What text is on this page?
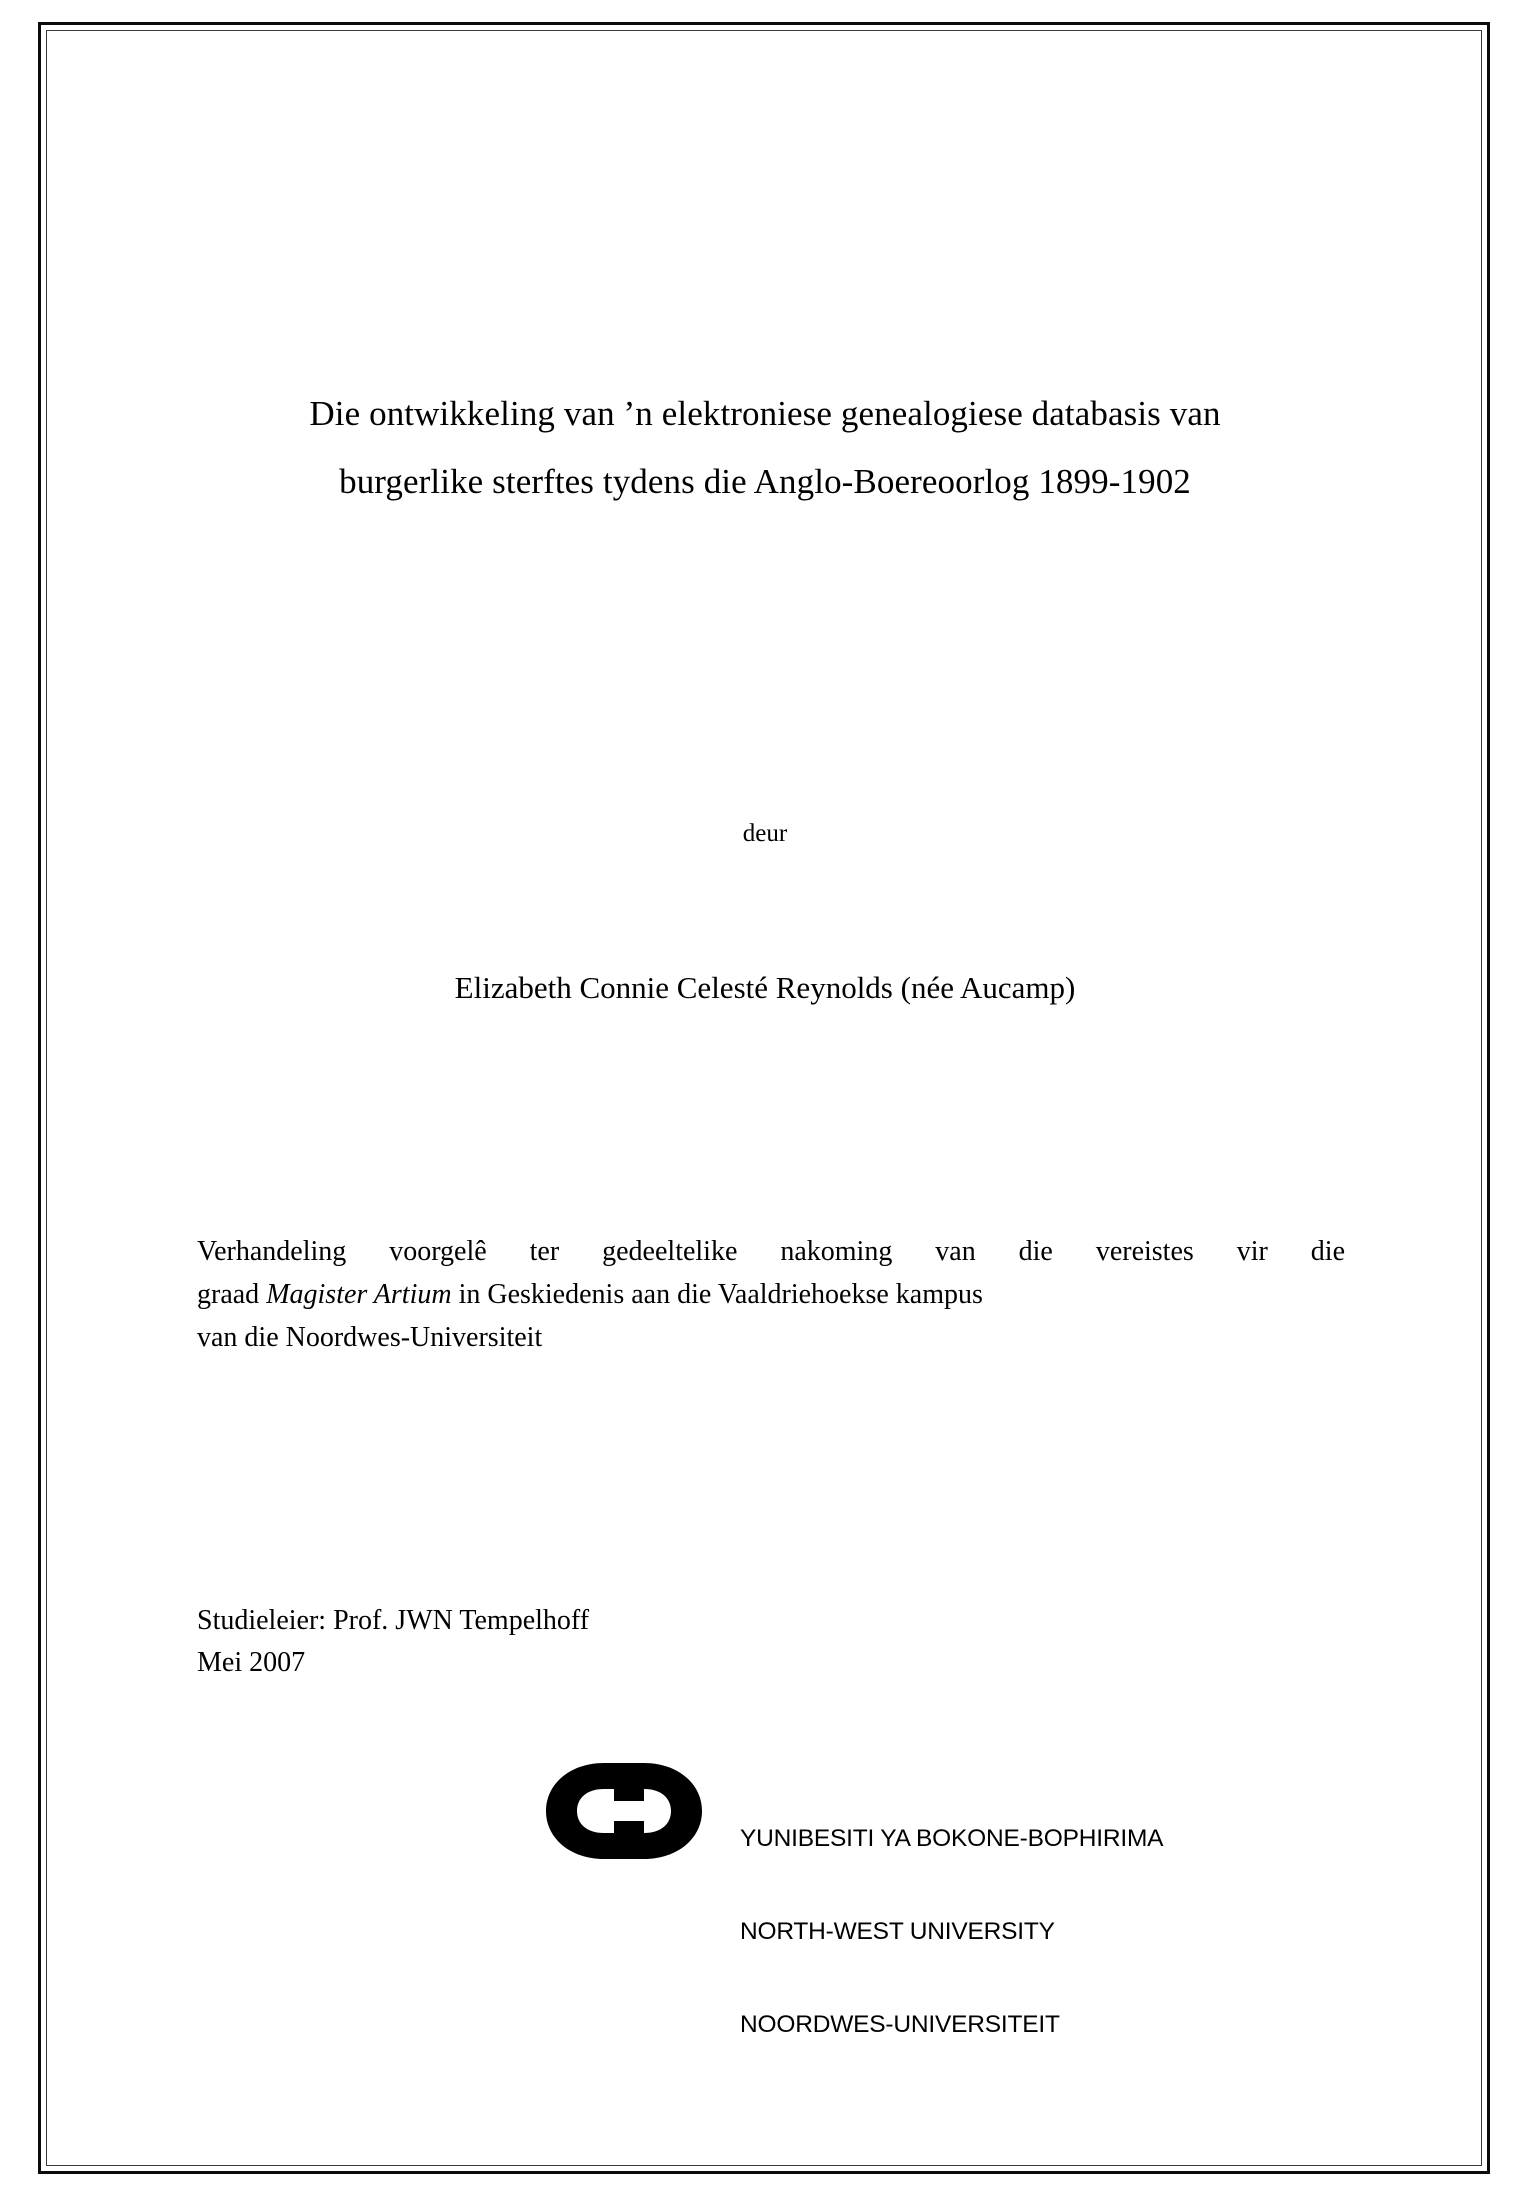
Die ontwikkeling van ’n elektroniese genealogiese databasis van
burgerlike sterftes tydens die Anglo-Boereoorlog 1899-1902
deur
Elizabeth Connie Celesté Reynolds (née Aucamp)

Verhandeling voorgelê ter gedeeltelike nakoming van die vereistes vir die

graad Magister Artium in Geskiedenis aan die Vaaldriehoekse kampus

van die Noordwes-Universiteit

Studieleier: Prof. JWN Tempelhoff
Mei 2007

YUNIBESITI YA BOKONE-BOPHIRIMA

NORTH-WEST UNIVERSITY

NOORDWES-UNIVERSITEIT
